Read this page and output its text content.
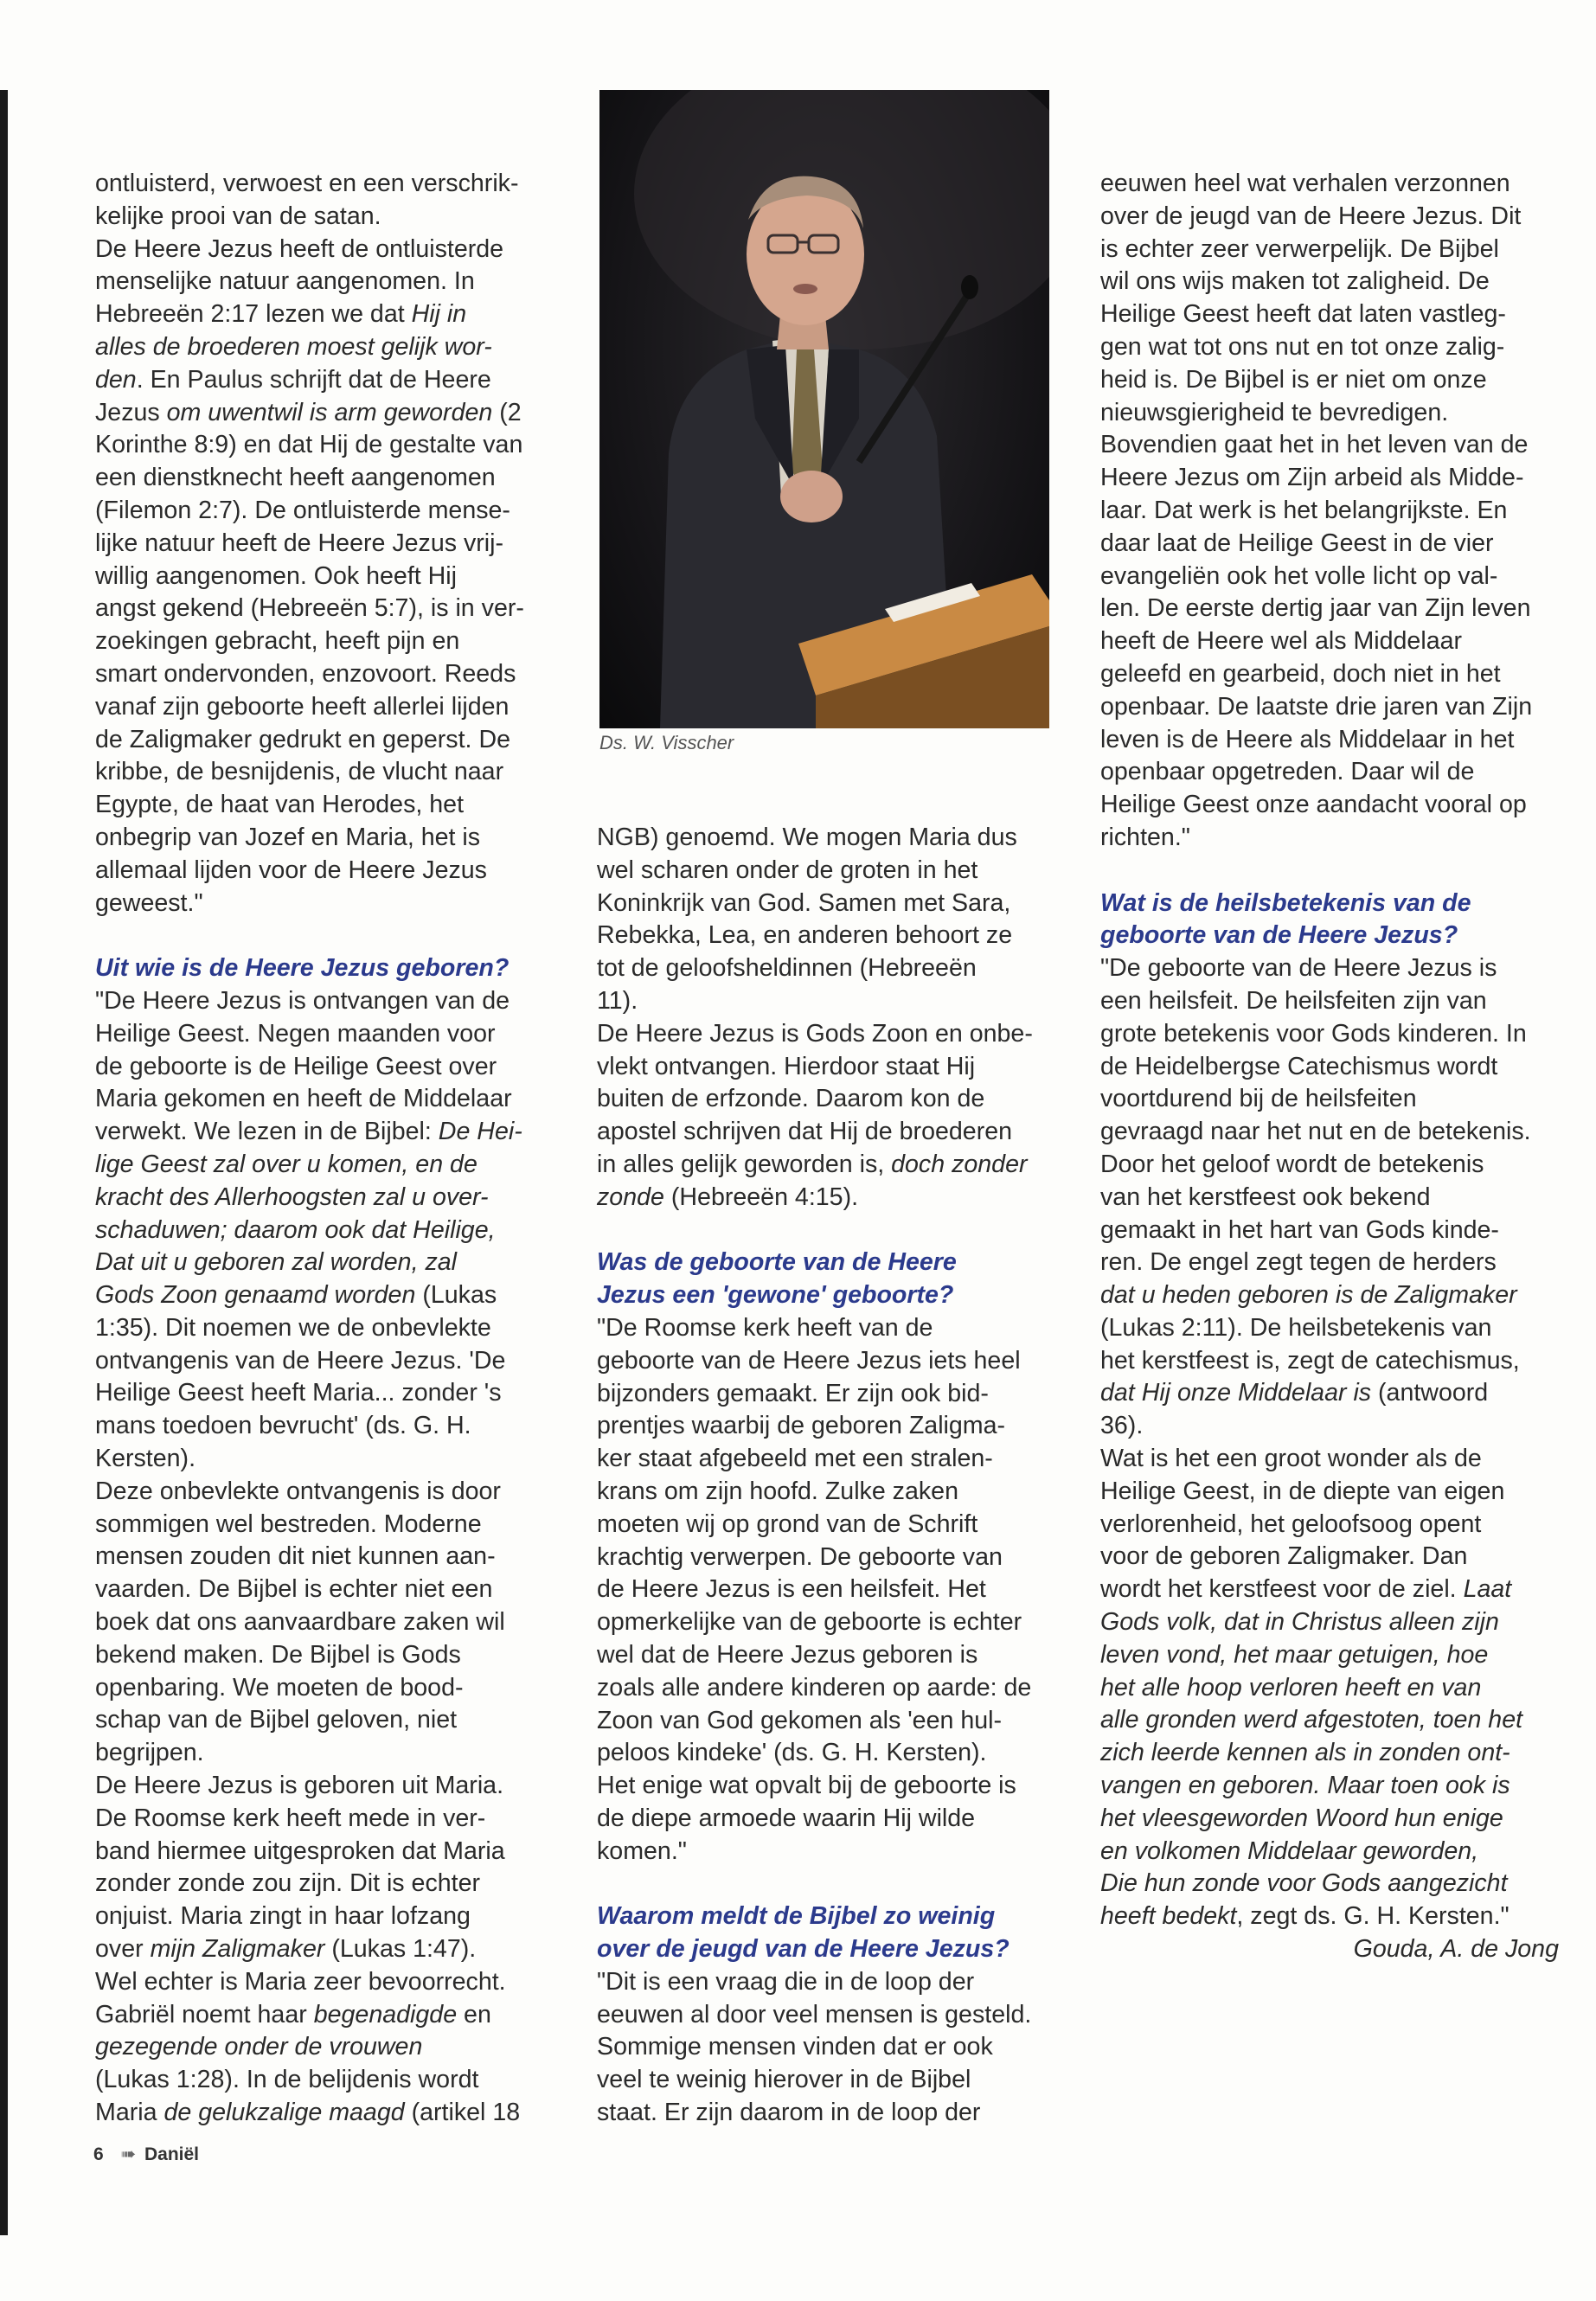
Ds. W. Visscher

ontluisterd, verwoest en een verschrik-
kelijke prooi van de satan.

De Heere Jezus heeft de ontluisterde
menselijke natuur aangenomen. In
Hebreeën 2:17 lezen we dat Hij in
alles de broederen moest gelijk wor-
den. En Paulus schrijft dat de Heere
Jezus om uwentwil is arm geworden (2
Korinthe 8:9) en dat Hij de gestalte van
een dienstknecht heeft aangenomen
(Filemon 2:7). De ontluisterde mense-
lijke natuur heeft de Heere Jezus vrij-
willig aangenomen. Ook heeft Hij
angst gekend (Hebreeën 5:7), is in ver-
zoekingen gebracht, heeft pijn en
smart ondervonden, enzovoort. Reeds
vanaf zijn geboorte heeft allerlei lijden
de Zaligmaker gedrukt en geperst. De
kribbe, de besnijdenis, de vlucht naar
Egypte, de haat van Herodes, het
onbegrip van Jozef en Maria, het is
allemaal lijden voor de Heere Jezus
geweest."

Uit wie is de Heere Jezus geboren?

"De Heere Jezus is ontvangen van de
Heilige Geest. Negen maanden voor
de geboorte is de Heilige Geest over
Maria gekomen en heeft de Middelaar
verwekt. We lezen in de Bijbel: De Hei-
lige Geest zal over u komen, en de
kracht des Allerhoogsten zal u over-
schaduwen; daarom ook dat Heilige,
Dat uit u geboren zal worden, zal
Gods Zoon genaamd worden (Lukas
1:35). Dit noemen we de onbevlekte
ontvangenis van de Heere Jezus. 'De
Heilige Geest heeft Maria... zonder 's
mans toedoen bevrucht' (ds. G. H.
Kersten).

Deze onbevlekte ontvangenis is door
sommigen wel bestreden. Moderne
mensen zouden dit niet kunnen aan-
vaarden. De Bijbel is echter niet een
boek dat ons aanvaardbare zaken wil
bekend maken. De Bijbel is Gods
openbaring. We moeten de bood-
schap van de Bijbel geloven, niet
begrijpen.

De Heere Jezus is geboren uit Maria.
De Roomse kerk heeft mede in ver-
band hiermee uitgesproken dat Maria
zonder zonde zou zijn. Dit is echter
onjuist. Maria zingt in haar lofzang
over mijn Zaligmaker (Lukas 1:47).
Wel echter is Maria zeer bevoorrecht.
Gabriël noemt haar begenadigde en
gezegende onder de vrouwen
(Lukas 1:28). In de belijdenis wordt
Maria de gelukzalige maagd (artikel 18

NGB) genoemd. We mogen Maria dus
wel scharen onder de groten in het
Koninkrijk van God. Samen met Sara,
Rebekka, Lea, en anderen behoort ze
tot de geloofsheldinnen (Hebreeën
11).

De Heere Jezus is Gods Zoon en onbe-
vlekt ontvangen. Hierdoor staat Hij
buiten de erfzonde. Daarom kon de
apostel schrijven dat Hij de broederen
in alles gelijk geworden is, doch zonder
zonde (Hebreeën 4:15).

Was de geboorte van de Heere
Jezus een 'gewone' geboorte?

"De Roomse kerk heeft van de
geboorte van de Heere Jezus iets heel
bijzonders gemaakt. Er zijn ook bid-
prentjes waarbij de geboren Zaligma-
ker staat afgebeeld met een stralen-
krans om zijn hoofd. Zulke zaken
moeten wij op grond van de Schrift
krachtig verwerpen. De geboorte van
de Heere Jezus is een heilsfeit. Het
opmerkelijke van de geboorte is echter
wel dat de Heere Jezus geboren is
zoals alle andere kinderen op aarde: de
Zoon van God gekomen als 'een hul-
peloos kindeke' (ds. G. H. Kersten).
Het enige wat opvalt bij de geboorte is
de diepe armoede waarin Hij wilde
komen."

Waarom meldt de Bijbel zo weinig
over de jeugd van de Heere Jezus?

"Dit is een vraag die in de loop der
eeuwen al door veel mensen is gesteld.
Sommige mensen vinden dat er ook
veel te weinig hierover in de Bijbel
staat. Er zijn daarom in de loop der

eeuwen heel wat verhalen verzonnen
over de jeugd van de Heere Jezus. Dit
is echter zeer verwerpelijk. De Bijbel
wil ons wijs maken tot zaligheid. De
Heilige Geest heeft dat laten vastleg-
gen wat tot ons nut en tot onze zalig-
heid is. De Bijbel is er niet om onze
nieuwsgierigheid te bevredigen.
Bovendien gaat het in het leven van de
Heere Jezus om Zijn arbeid als Midde-
laar. Dat werk is het belangrijkste. En
daar laat de Heilige Geest in de vier
evangeliën ook het volle licht op val-
len. De eerste dertig jaar van Zijn leven
heeft de Heere wel als Middelaar
geleefd en gearbeid, doch niet in het
openbaar. De laatste drie jaren van Zijn
leven is de Heere als Middelaar in het
openbaar opgetreden. Daar wil de
Heilige Geest onze aandacht vooral op
richten."

Wat is de heilsbetekenis van de
geboorte van de Heere Jezus?

"De geboorte van de Heere Jezus is
een heilsfeit. De heilsfeiten zijn van
grote betekenis voor Gods kinderen. In
de Heidelbergse Catechismus wordt
voortdurend bij de heilsfeiten
gevraagd naar het nut en de betekenis.
Door het geloof wordt de betekenis
van het kerstfeest ook bekend
gemaakt in het hart van Gods kinde-
ren. De engel zegt tegen de herders
dat u heden geboren is de Zaligmaker
(Lukas 2:11). De heilsbetekenis van
het kerstfeest is, zegt de catechismus,
dat Hij onze Middelaar is (antwoord
36).

Wat is het een groot wonder als de
Heilige Geest, in de diepte van eigen
verlorenheid, het geloofsoog opent
voor de geboren Zaligmaker. Dan
wordt het kerstfeest voor de ziel. Laat
Gods volk, dat in Christus alleen zijn
leven vond, het maar getuigen, hoe
het alle hoop verloren heeft en van
alle gronden werd afgestoten, toen het
zich leerde kennen als in zonden ont-
vangen en geboren. Maar toen ook is
het vleesgeworden Woord hun enige
en volkomen Middelaar geworden,
Die hun zonde voor Gods aangezicht
heeft bedekt, zegt ds. G. H. Kersten."

Gouda, A. de Jong

6 ➠ Daniël
